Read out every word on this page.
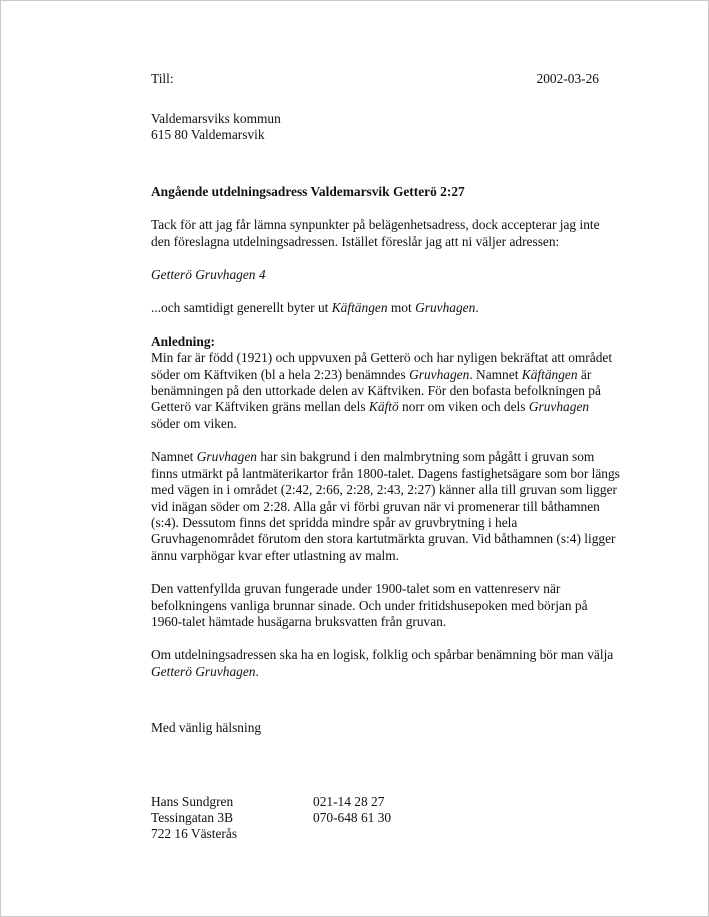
Till:	2002-03-26

Valdemarsviks kommun

615 80 Valdemarsvik

Angående utdelningsadress Valdemarsvik Getterö 2:27

Tack för att jag får lämna synpunkter på belägenhetsadress, dock accepterar jag inte den föreslagna utdelningsadressen. Istället föreslår jag att ni väljer adressen:

Getterö Gruvhagen 4

...och samtidigt generellt byter ut Käftängen mot Gruvhagen.

Anledning:

Min far är född (1921) och uppvuxen på Getterö och har nyligen bekräftat att området söder om Käftviken (bl a hela 2:23) benämndes Gruvhagen. Namnet Käftängen är benämningen på den uttorkade delen av Käftviken. För den bofasta befolkningen på Getterö var Käftviken gräns mellan dels Käftö norr om viken och dels Gruvhagen söder om viken.

Namnet Gruvhagen har sin bakgrund i den malmbrytning som pågått i gruvan som finns utmärkt på lantmäterikartor från 1800-talet. Dagens fastighetsägare som bor längs med vägen in i området (2:42, 2:66, 2:28, 2:43, 2:27) känner alla till gruvan som ligger vid inägan söder om 2:28. Alla går vi förbi gruvan när vi promenerar till båthamnen (s:4). Dessutom finns det spridda mindre spår av gruvbrytning i hela Gruvhagenområdet förutom den stora kartutmärkta gruvan. Vid båthamnen (s:4) ligger ännu varphögar kvar efter utlastning av malm.

Den vattenfyllda gruvan fungerade under 1900-talet som en vattenreserv när befolkningens vanliga brunnar sinade. Och under fritidshusepoken med början på 1960-talet hämtade husägarna bruksvatten från gruvan.

Om utdelningsadressen ska ha en logisk, folklig och spårbar benämning bör man välja Getterö Gruvhagen.

Med vänlig hälsning

Hans Sundgren	021-14 28 27
Tessingatan 3B	070-648 61 30
722 16 Västerås
